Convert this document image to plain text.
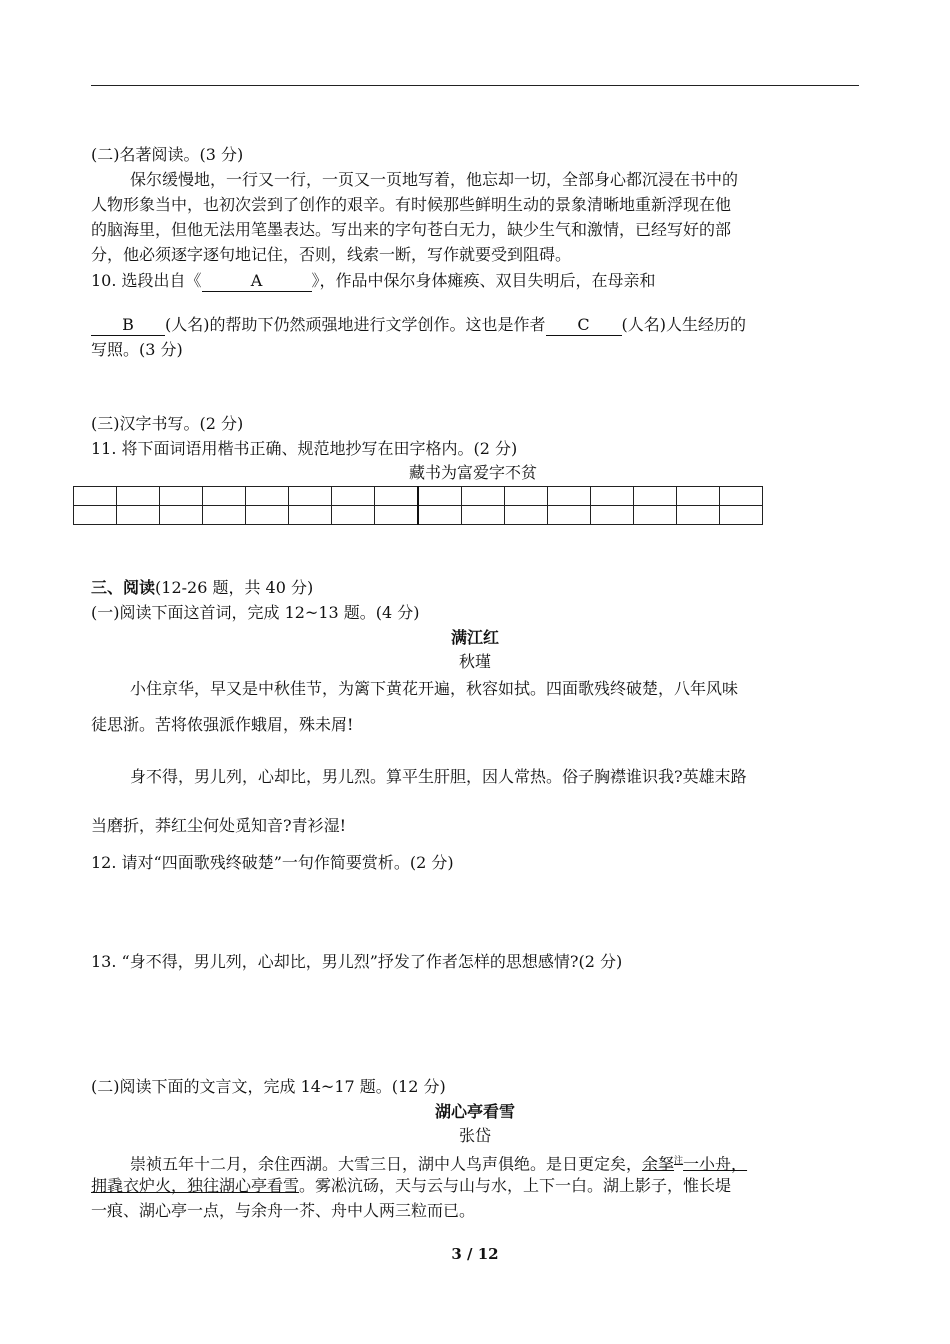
(二)名著阅读。(3 分)
保尔缓慢地，一行又一行，一页又一页地写着，他忘却一切，全部身心都沉浸在书中的
人物形象当中，也初次尝到了创作的艰辛。有时候那些鲜明生动的景象清晰地重新浮现在他
的脑海里，但他无法用笔墨表达。写出来的字句苍白无力，缺少生气和激情，已经写好的部
分，他必须逐字逐句地记住，否则，线索一断，写作就要受到阻碍。
10. 选段出自《	A	》，作品中保尔身体瘫痪、双目失明后，在母亲和
B (人名)的帮助下仍然顽强地进行文学创作。这也是作者 C (人名)人生经历的
写照。(3 分)
(三)汉字书写。(2 分)
11. 将下面词语用楷书正确、规范地抄写在田字格内。(2 分)
藏书为富爱字不贫

三、阅读(12-26 题，共 40 分)
(一)阅读下面这首词，完成 12~13 题。(4 分)
满江红
秋瑾
小住京华，早又是中秋佳节，为篱下黄花开遍，秋容如拭。四面歌残终破楚，八年风味
徒思浙。苦将侬强派作蛾眉，殊未屑!
身不得，男儿列，心却比，男儿烈。算平生肝胆，因人常热。俗子胸襟谁识我?英雄末路
当磨折，莽红尘何处觅知音?青衫湿!
12. 请对“四面歌残终破楚”一句作简要赏析。(2 分)
13. “身不得，男儿列，心却比，男儿烈”抒发了作者怎样的思想感情?(2 分)
(二)阅读下面的文言文，完成 14~17 题。(12 分)
湖心亭看雪
张岱
崇祯五年十二月，余住西湖。大雪三日，湖中人鸟声俱绝。是日更定矣，余拏$^注$一小舟，
拥毳衣炉火，独往湖心亭看雪。雾凇沆砀，天与云与山与水，上下一白。湖上影子，惟长堤
一痕、湖心亭一点，与余舟一芥、舟中人两三粒而已。
3 / 12
